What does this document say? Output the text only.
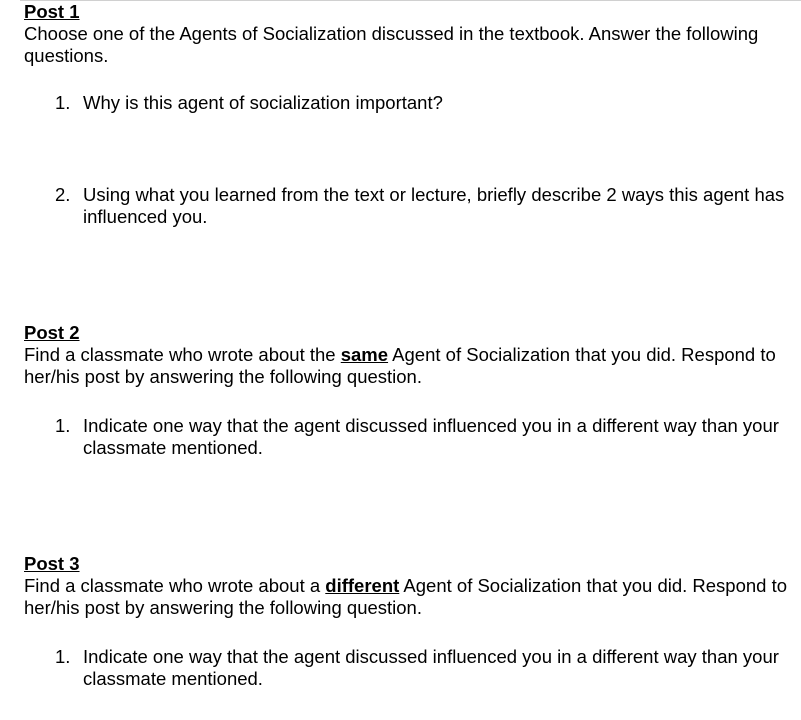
Post 1

Choose one of the Agents of Socialization discussed in the textbook. Answer the following questions.

1. Why is this agent of socialization important?
2. Using what you learned from the text or lecture, briefly describe 2 ways this agent has influenced you.
Post 2

Find a classmate who wrote about the same Agent of Socialization that you did. Respond to her/his post by answering the following question.

1. Indicate one way that the agent discussed influenced you in a different way than your classmate mentioned.
Post 3

Find a classmate who wrote about a different Agent of Socialization that you did. Respond to her/his post by answering the following question.

1. Indicate one way that the agent discussed influenced you in a different way than your classmate mentioned.
